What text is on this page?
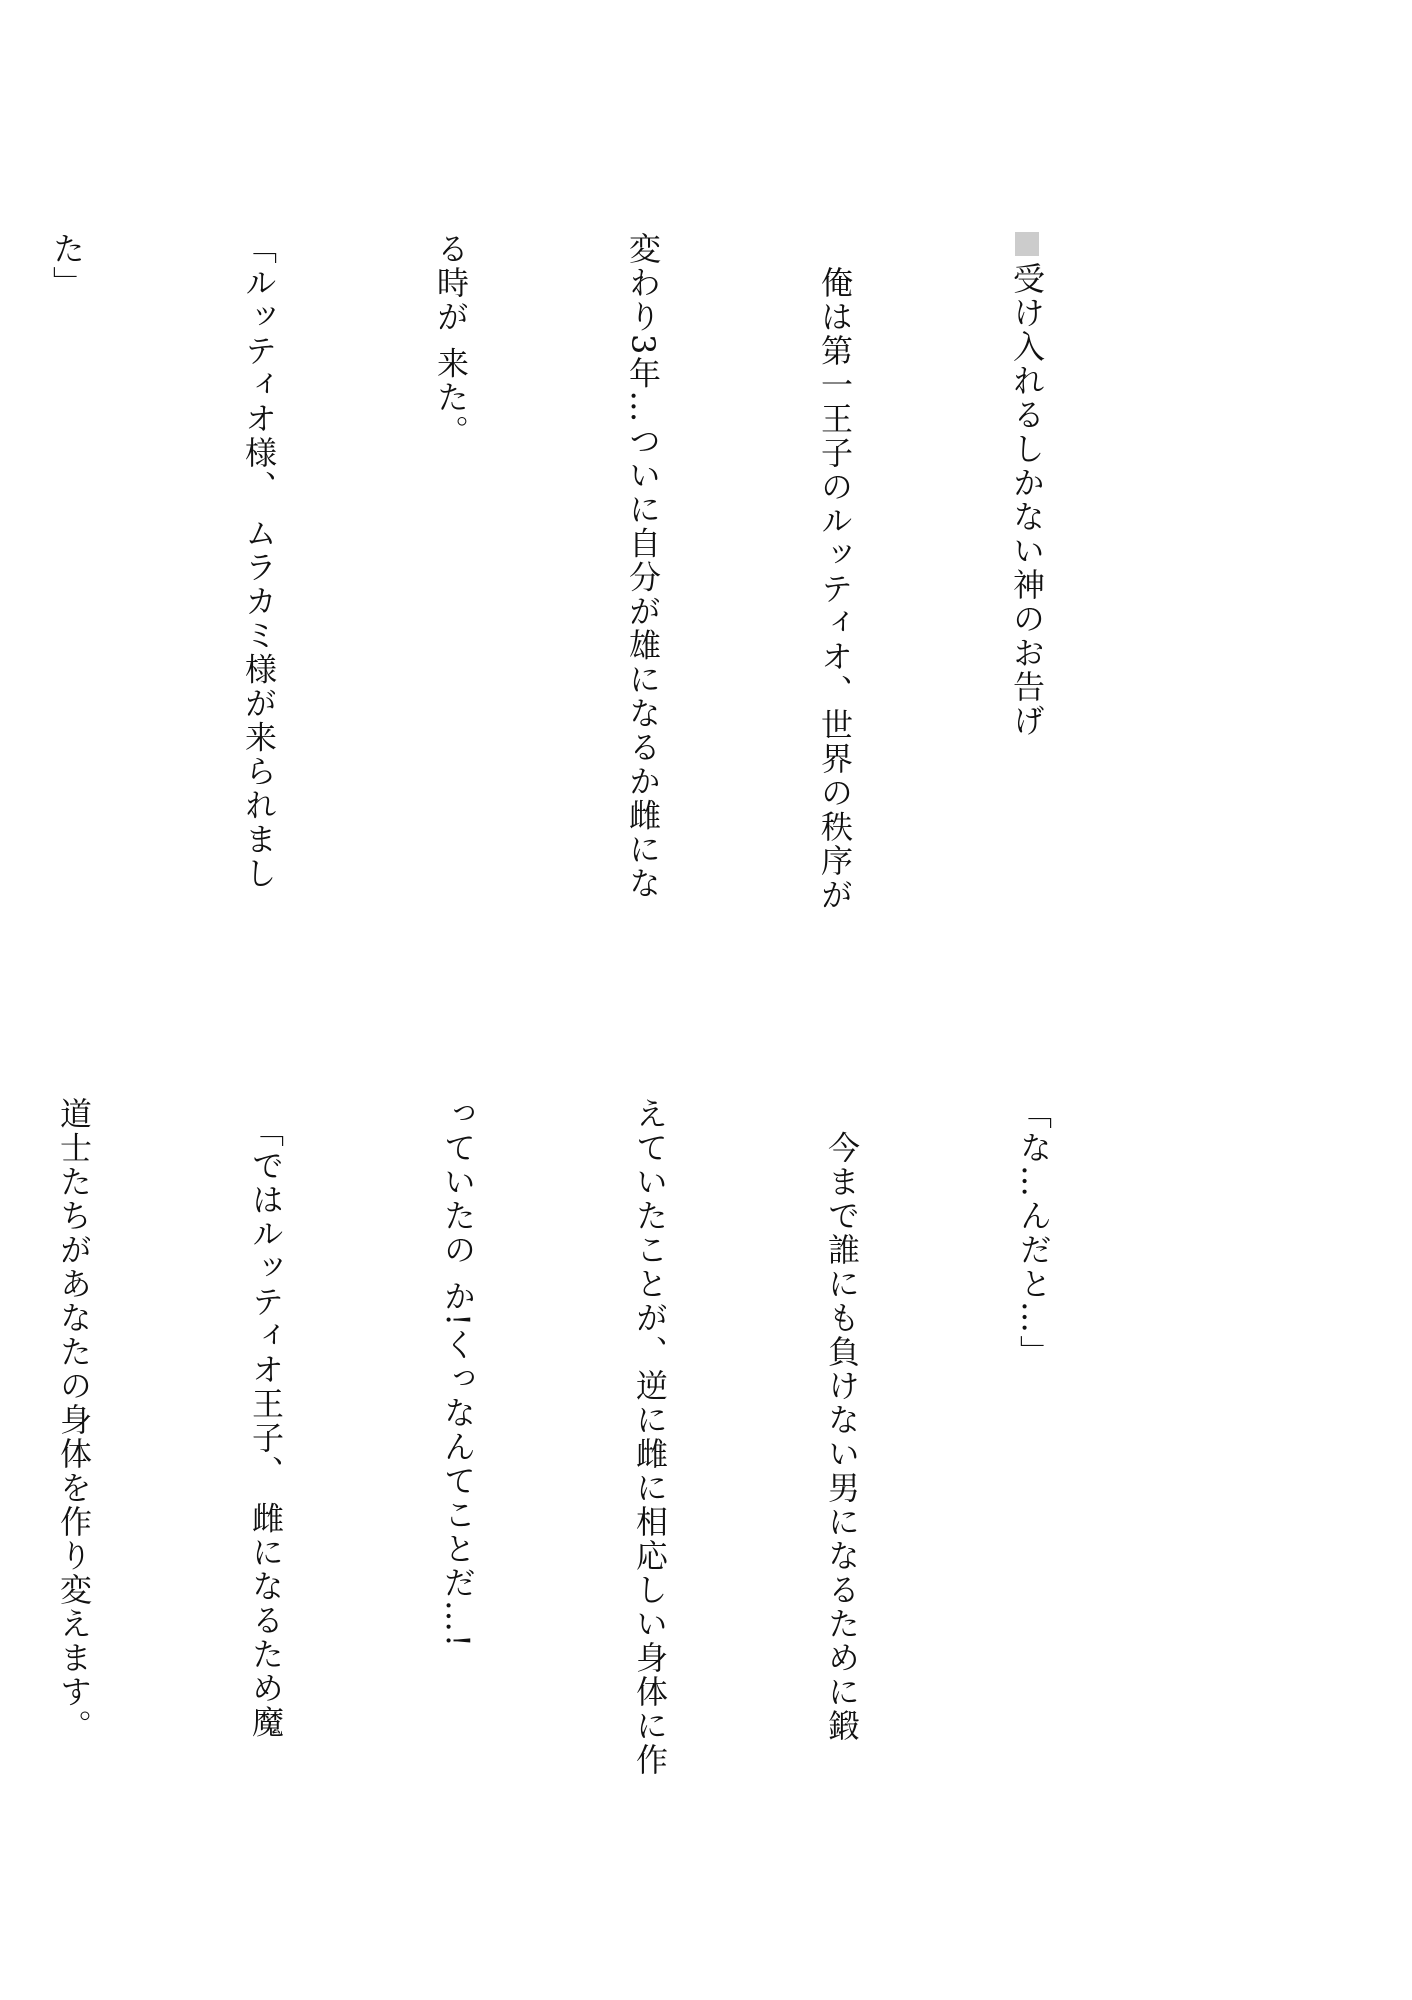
受け入れるしかない神のお告げ

　俺は第一王子のルッティオ、世界の秩序が

変わり3年…ついに自分が雄になるか雌にな

る時が 来た。

「ルッティオ様、 ムラカミ様が来られまし

た」

「な…んだと…」

　今まで誰にも負けない男になるために鍛

えていたことが、逆に雌に相応しい身体に作

っていたの か!くっなんてことだ…!

　「ではルッティオ王子、 雌になるため魔

道士たちがあなたの身体を作り変えます。
